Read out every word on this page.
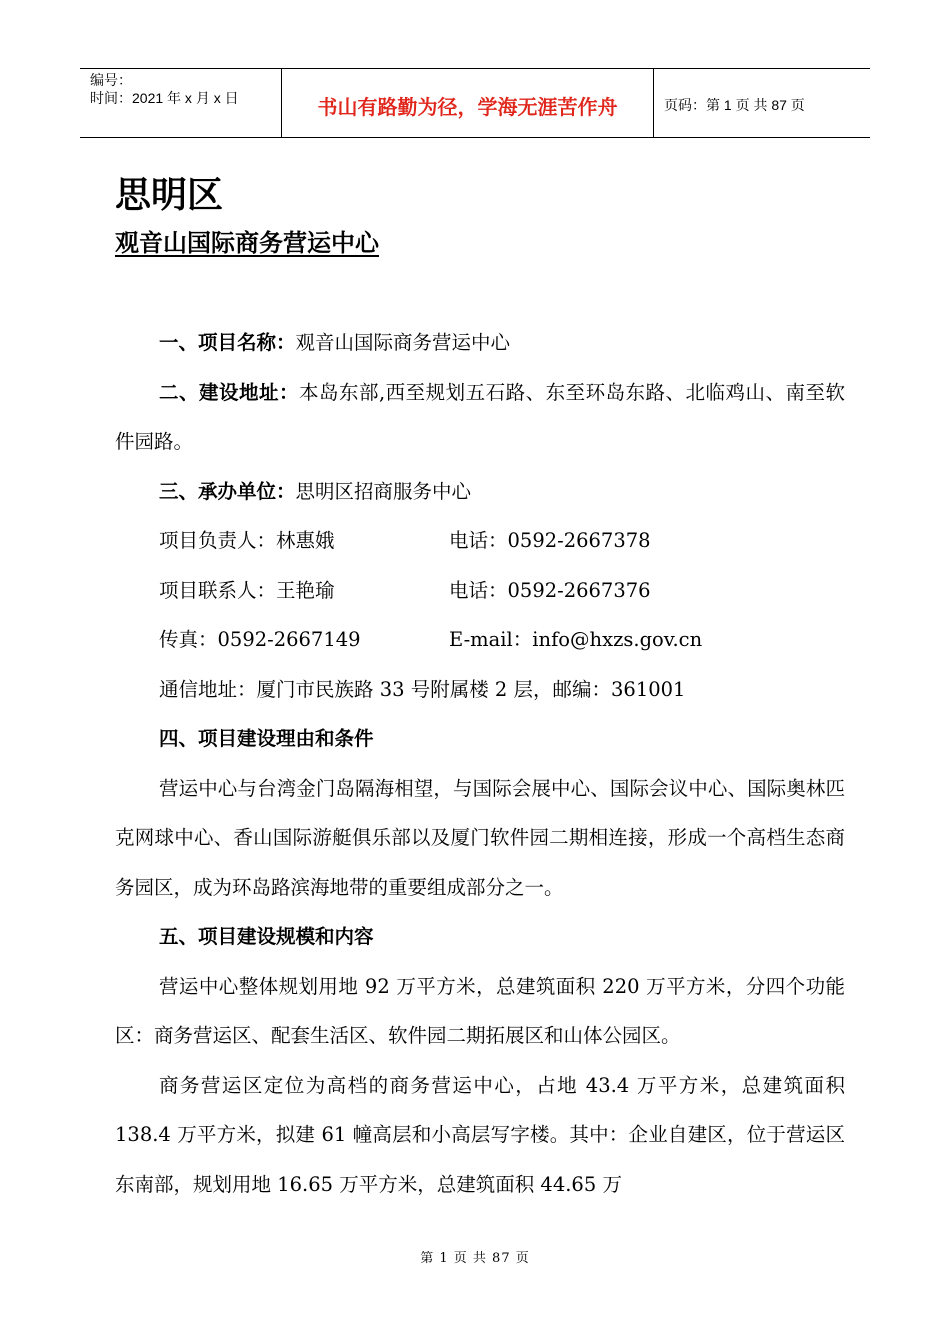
编号：
时间：2021 年 x 月 x 日	书山有路勤为径，学海无涯苦作舟	页码：第 1 页 共 87 页
思明区
观音山国际商务营运中心

一、项目名称：观音山国际商务营运中心

二、建设地址：本岛东部,西至规划五石路、东至环岛东路、北临鸡山、南至软件园路。

三、承办单位：思明区招商服务中心

项目负责人：林惠娥	电话：0592-2667378

项目联系人：王艳瑜	电话：0592-2667376

传真：0592-2667149	E-mail：info@hxzs.gov.cn

通信地址：厦门市民族路 33 号附属楼 2 层，邮编：361001

四、项目建设理由和条件

营运中心与台湾金门岛隔海相望，与国际会展中心、国际会议中心、国际奥林匹克网球中心、香山国际游艇俱乐部以及厦门软件园二期相连接，形成一个高档生态商务园区，成为环岛路滨海地带的重要组成部分之一。

五、项目建设规模和内容

营运中心整体规划用地 92 万平方米，总建筑面积 220 万平方米，分四个功能区：商务营运区、配套生活区、软件园二期拓展区和山体公园区。

商务营运区定位为高档的商务营运中心，占地 43.4 万平方米，总建筑面积 138.4 万平方米，拟建 61 幢高层和小高层写字楼。其中：企业自建区，位于营运区东南部，规划用地 16.65 万平方米，总建筑面积 44.65 万

第 1 页 共 87 页
